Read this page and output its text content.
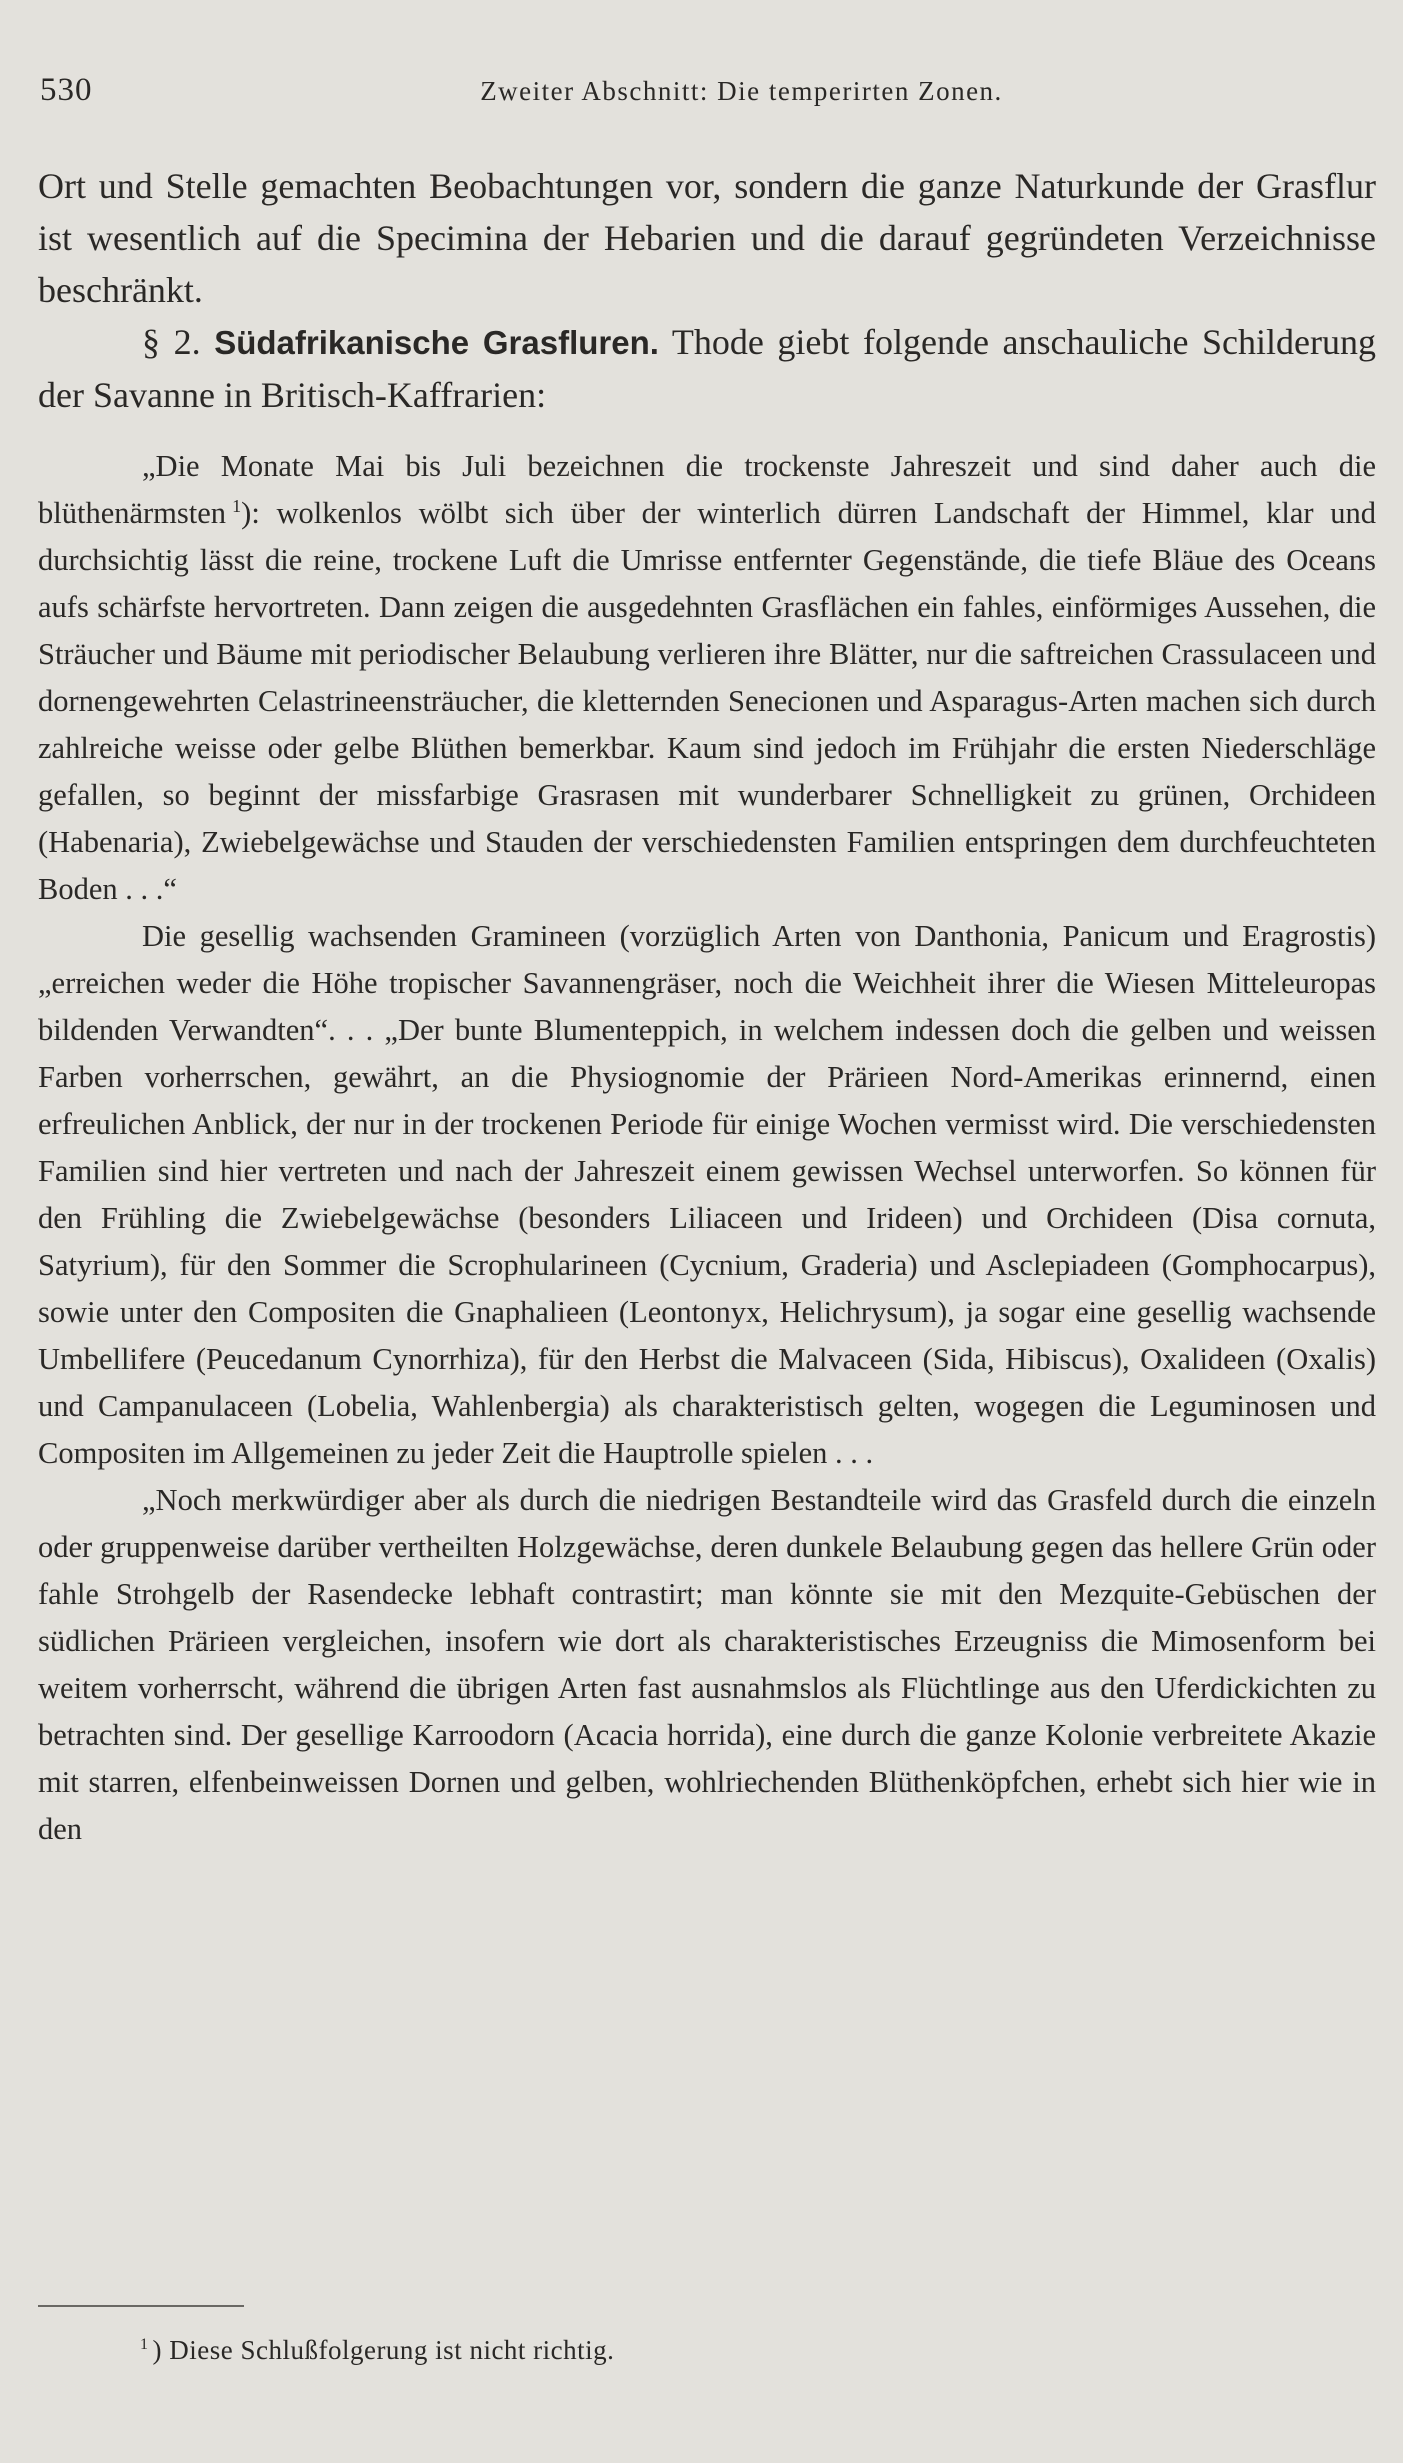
530	Zweiter Abschnitt: Die temperirten Zonen.

Ort und Stelle gemachten Beobachtungen vor, sondern die ganze Naturkunde der Grasflur ist wesentlich auf die Specimina der Hebarien und die darauf gegründeten Verzeichnisse beschränkt.

§ 2. Südafrikanische Grasfluren. Thode giebt folgende anschauliche Schilderung der Savanne in Britisch-Kaffrarien:

„Die Monate Mai bis Juli bezeichnen die trockenste Jahreszeit und sind daher auch die blüthenärmsten  $^1$): wolkenlos wölbt sich über der winterlich dürren Landschaft der Himmel, klar und durchsichtig lässt die reine, trockene Luft die Umrisse entfernter Gegenstände, die tiefe Bläue des Oceans aufs schärfste hervortreten. Dann zeigen die ausgedehnten Grasflächen ein fahles, einförmiges Aussehen, die Sträucher und Bäume mit periodischer Belaubung verlieren ihre Blätter, nur die saftreichen Crassulaceen und dornengewehrten Celastrineensträucher, die kletternden Senecionen und Asparagus-Arten machen sich durch zahlreiche weisse oder gelbe Blüthen bemerkbar. Kaum sind jedoch im Frühjahr die ersten Niederschläge gefallen, so beginnt der missfarbige Grasrasen mit wunderbarer Schnelligkeit zu grünen, Orchideen (Habenaria), Zwiebelgewächse und Stauden der verschiedensten Familien entspringen dem durchfeuchteten Boden . . .“

Die gesellig wachsenden Gramineen (vorzüglich Arten von Danthonia, Panicum und Eragrostis) „erreichen weder die Höhe tropischer Savannengräser, noch die Weichheit ihrer die Wiesen Mitteleuropas bildenden Verwandten“. . . „Der bunte Blumenteppich, in welchem indessen doch die gelben und weissen Farben vorherrschen, gewährt, an die Physiognomie der Prärieen Nord-Amerikas erinnernd, einen erfreulichen Anblick, der nur in der trockenen Periode für einige Wochen vermisst wird. Die verschiedensten Familien sind hier vertreten und nach der Jahreszeit einem gewissen Wechsel unterworfen. So können für den Frühling die Zwiebelgewächse (besonders Liliaceen und Irideen) und Orchideen (Disa cornuta, Satyrium), für den Sommer die Scrophularineen (Cycnium, Graderia) und Asclepiadeen (Gomphocarpus), sowie unter den Compositen die Gnaphalieen (Leontonyx, Helichrysum), ja sogar eine gesellig wachsende Umbellifere (Peucedanum Cynorrhiza), für den Herbst die Malvaceen (Sida, Hibiscus), Oxalideen (Oxalis) und Campanulaceen (Lobelia, Wahlenbergia) als charakteristisch gelten, wogegen die Leguminosen und Compositen im Allgemeinen zu jeder Zeit die Hauptrolle spielen . . .

„Noch merkwürdiger aber als durch die niedrigen Bestandteile wird das Grasfeld durch die einzeln oder gruppenweise darüber vertheilten Holzgewächse, deren dunkele Belaubung gegen das hellere Grün oder fahle Strohgelb der Rasendecke lebhaft contrastirt; man könnte sie mit den Mezquite-Gebüschen der südlichen Prärieen vergleichen, insofern wie dort als charakteristisches Erzeugniss die Mimosenform bei weitem vorherrscht, während die übrigen Arten fast ausnahmslos als Flüchtlinge aus den Uferdickichten zu betrachten sind. Der gesellige Karroodorn (Acacia horrida), eine durch die ganze Kolonie verbreitete Akazie mit starren, elfenbeinweissen Dornen und gelben, wohlriechenden Blüthenköpfchen, erhebt sich hier wie in den

$^1$ ) Diese Schlußfolgerung ist nicht richtig.
